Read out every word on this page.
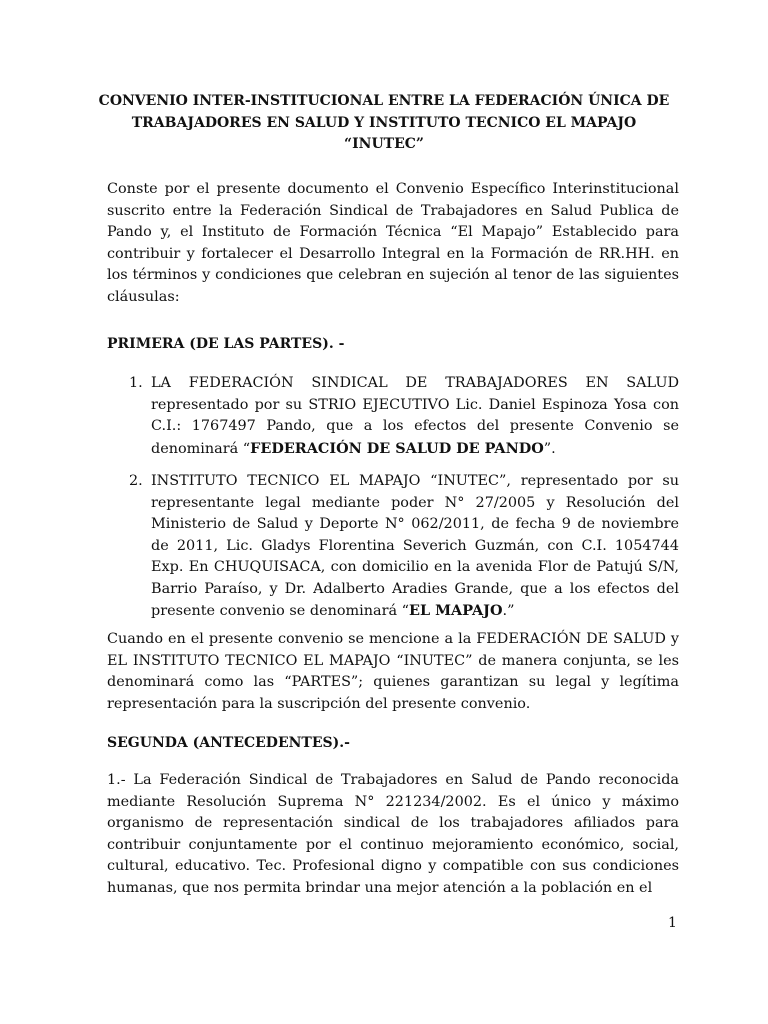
CONVENIO INTER-INSTITUCIONAL ENTRE LA FEDERACIÓN ÚNICA DE
TRABAJADORES EN SALUD Y INSTITUTO TECNICO EL MAPAJO
“INUTEC”

Conste por el presente documento el Convenio Específico Interinstitucional suscrito entre la Federación Sindical de Trabajadores en Salud Publica de Pando y, el Instituto de Formación Técnica “El Mapajo” Establecido para contribuir y fortalecer el Desarrollo Integral en la Formación de RR.HH. en los términos y condiciones que celebran en sujeción al tenor de las siguientes cláusulas:

PRIMERA (DE LAS PARTES). -
1. LA FEDERACIÓN SINDICAL DE TRABAJADORES EN SALUD representado por su STRIO EJECUTIVO Lic. Daniel Espinoza Yosa con C.I.: 1767497 Pando, que a los efectos del presente Convenio se denominará “FEDERACIÓN DE SALUD DE PANDO”.
2. INSTITUTO TECNICO EL MAPAJO “INUTEC”, representado por su representante legal mediante poder N° 27/2005 y Resolución del Ministerio de Salud y Deporte N° 062/2011, de fecha 9 de noviembre de 2011, Lic. Gladys Florentina Severich Guzmán, con C.I. 1054744 Exp. En CHUQUISACA, con domicilio en la avenida Flor de Patujú S/N, Barrio Paraíso, y Dr. Adalberto Aradies Grande, que a los efectos del presente convenio se denominará “EL MAPAJO.”

Cuando en el presente convenio se mencione a la FEDERACIÓN DE SALUD y EL INSTITUTO TECNICO EL MAPAJO “INUTEC” de manera conjunta, se les denominará como las “PARTES”; quienes garantizan su legal y legítima representación para la suscripción del presente convenio.

SEGUNDA (ANTECEDENTES).-

1.- La Federación Sindical de Trabajadores en Salud de Pando reconocida mediante Resolución Suprema N° 221234/2002. Es el único y máximo organismo de representación sindical de los trabajadores afiliados para contribuir conjuntamente por el continuo mejoramiento económico, social, cultural, educativo. Tec. Profesional digno y compatible con sus condiciones humanas, que nos permita brindar una mejor atención a la población en el

1
